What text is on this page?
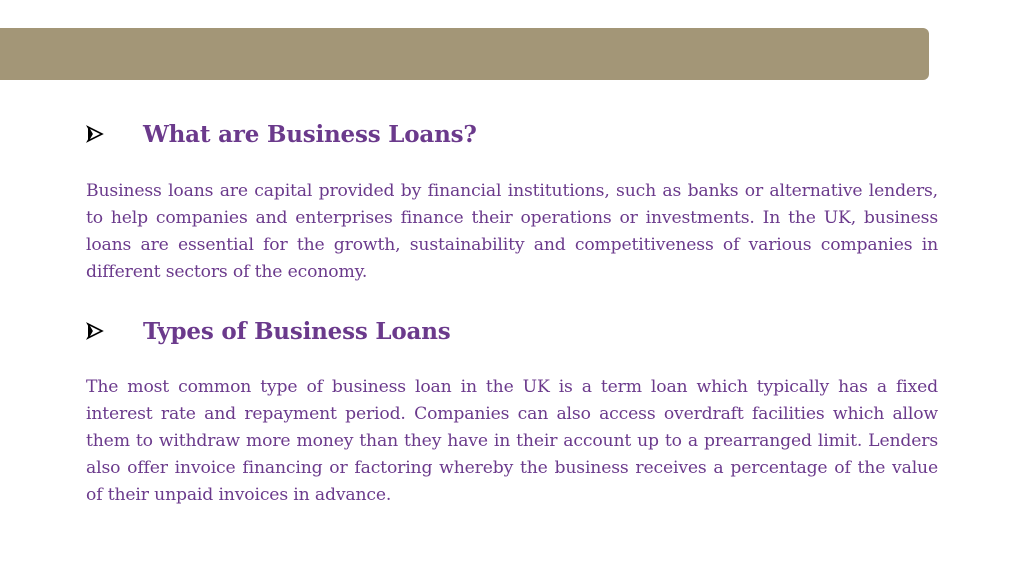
What are Business Loans?

Business loans are capital provided by financial institutions, such as banks or alternative lenders, to help companies and enterprises finance their operations or investments. In the UK, business loans are essential for the growth, sustainability and competitiveness of various companies in different sectors of the economy.

Types of Business Loans

The most common type of business loan in the UK is a term loan which typically has a fixed interest rate and repayment period. Companies can also access overdraft facilities which allow them to withdraw more money than they have in their account up to a prearranged limit. Lenders also offer invoice financing or factoring whereby the business receives a percentage of the value of their unpaid invoices in advance.
